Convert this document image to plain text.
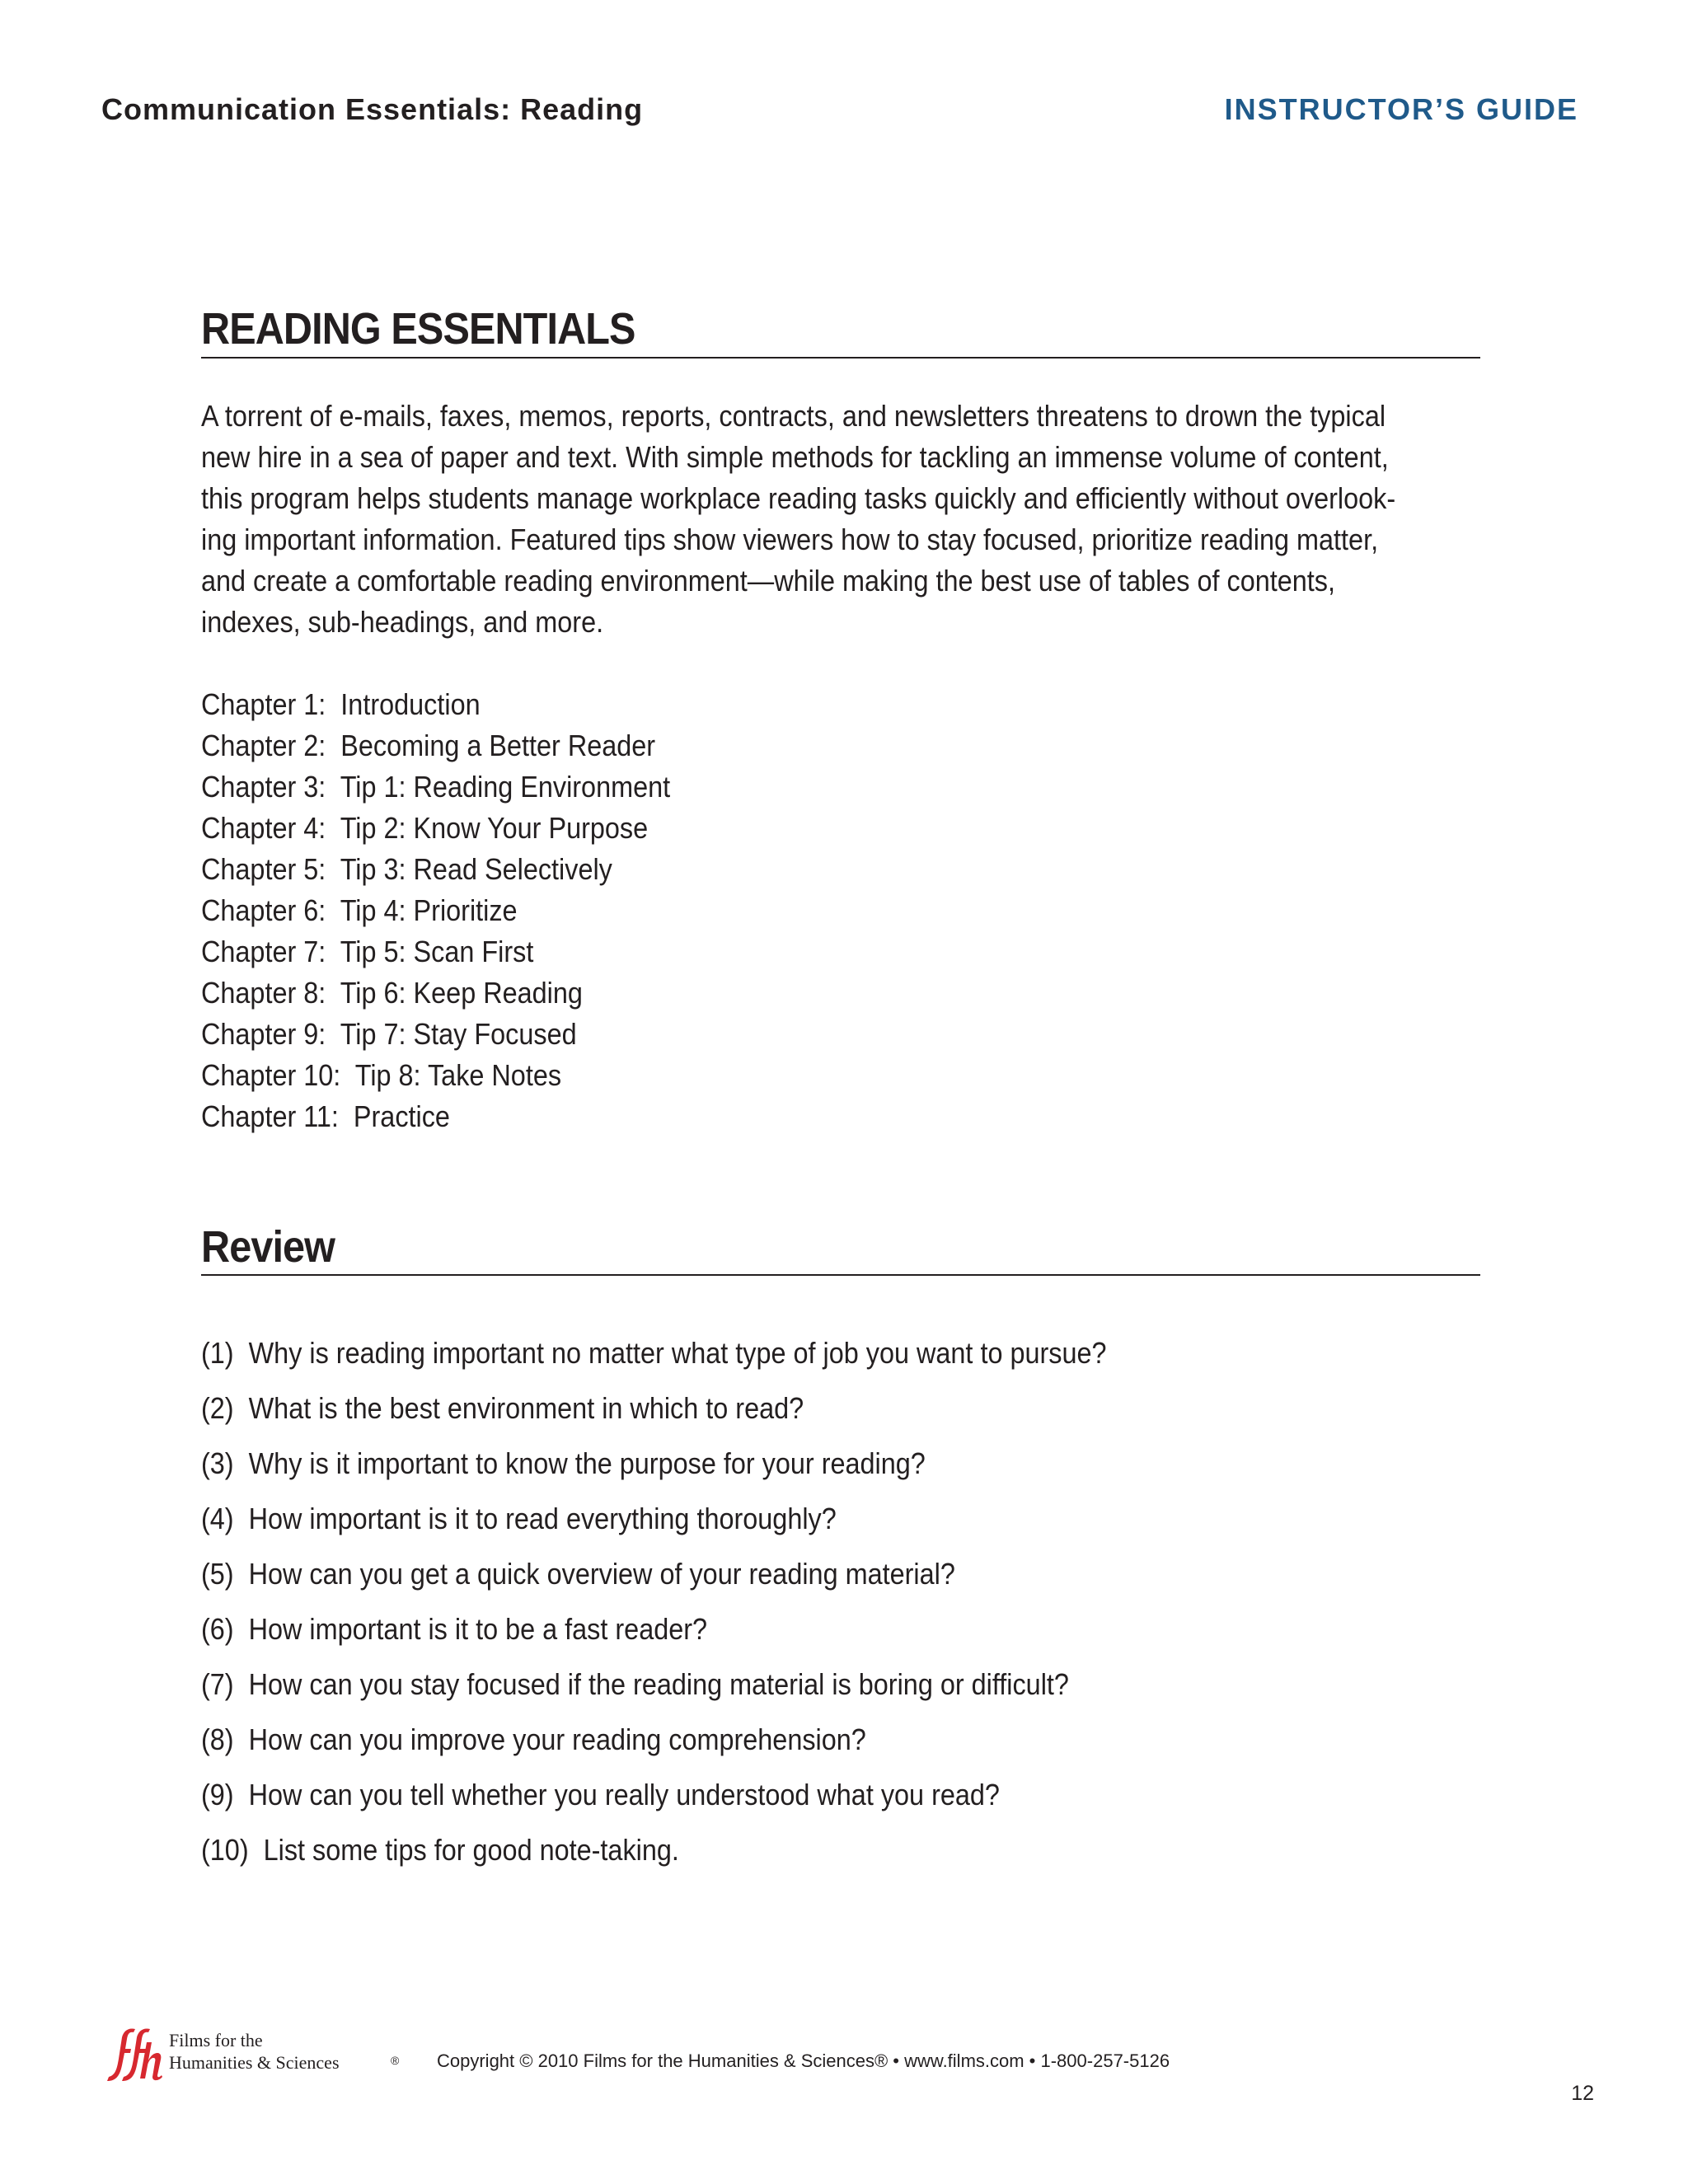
Communication Essentials: Reading	INSTRUCTOR’S GUIDE
READING ESSENTIALS
A torrent of e-mails, faxes, memos, reports, contracts, and newsletters threatens to drown the typical
new hire in a sea of paper and text. With simple methods for tackling an immense volume of content,
this program helps students manage workplace reading tasks quickly and efficiently without overlook-
ing important information. Featured tips show viewers how to stay focused, prioritize reading matter,
and create a comfortable reading environment—while making the best use of tables of contents,
indexes, sub-headings, and more.
Chapter 1:  Introduction
Chapter 2:  Becoming a Better Reader
Chapter 3:  Tip 1: Reading Environment
Chapter 4:  Tip 2: Know Your Purpose
Chapter 5:  Tip 3: Read Selectively
Chapter 6:  Tip 4: Prioritize
Chapter 7:  Tip 5: Scan First
Chapter 8:  Tip 6: Keep Reading
Chapter 9:  Tip 7: Stay Focused
Chapter 10:  Tip 8: Take Notes
Chapter 11:  Practice
Review
(1)  Why is reading important no matter what type of job you want to pursue?
(2)  What is the best environment in which to read?
(3)  Why is it important to know the purpose for your reading?
(4)  How important is it to read everything thoroughly?
(5)  How can you get a quick overview of your reading material?
(6)  How important is it to be a fast reader?
(7)  How can you stay focused if the reading material is boring or difficult?
(8)  How can you improve your reading comprehension?
(9)  How can you tell whether you really understood what you read?
(10)  List some tips for good note-taking.
Films for the
Humanities & Sciences	® Copyright © 2010 Films for the Humanities & Sciences® • www.films.com • 1-800-257-5126
12
